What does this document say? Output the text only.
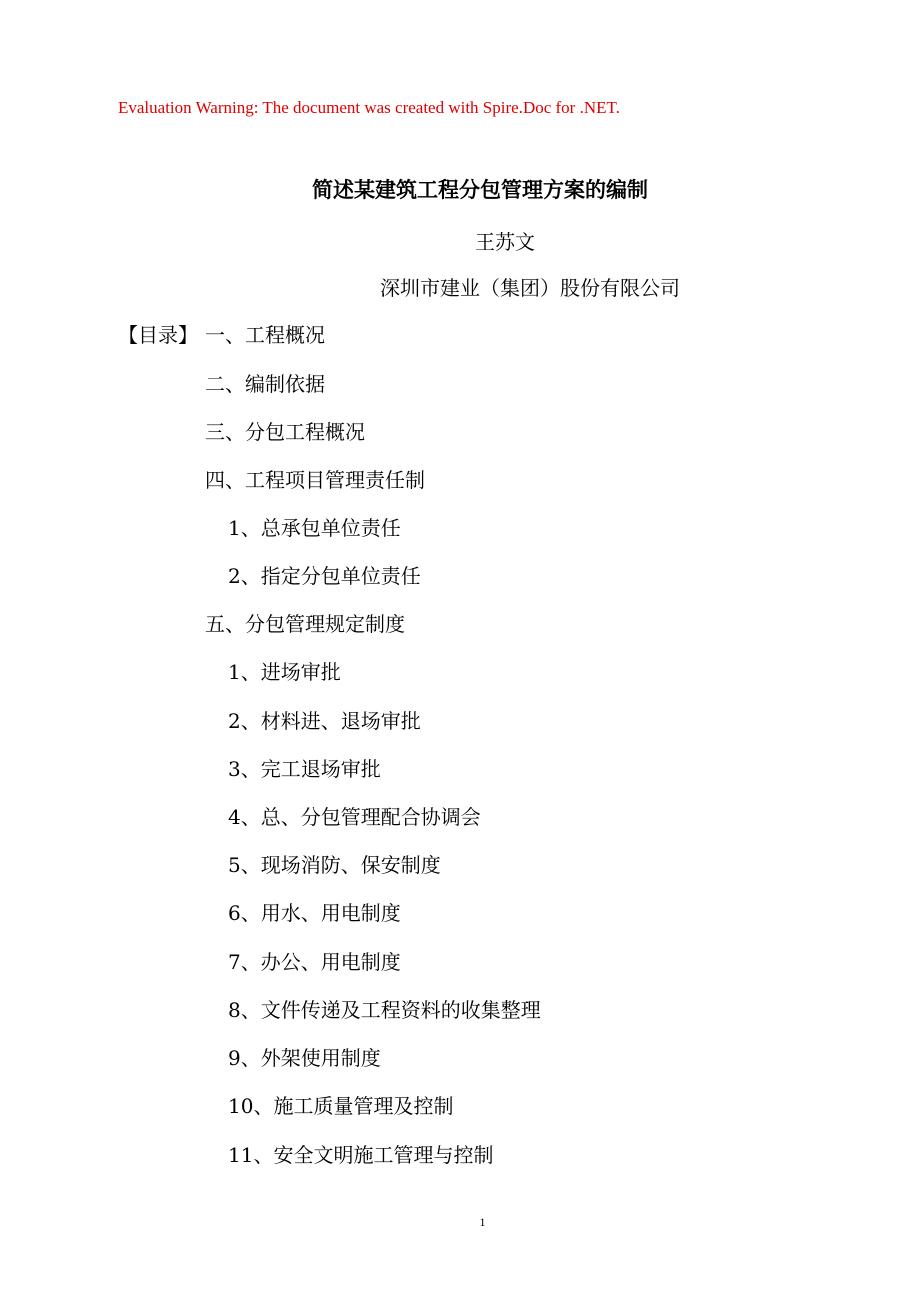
Evaluation Warning: The document was created with Spire.Doc for .NET.
简述某建筑工程分包管理方案的编制
王苏文
深圳市建业（集团）股份有限公司
【目录】 一、工程概况
二、编制依据
三、分包工程概况
四、工程项目管理责任制
1、总承包单位责任
2、指定分包单位责任
五、分包管理规定制度
1、进场审批
2、材料进、退场审批
3、完工退场审批
4、总、分包管理配合协调会
5、现场消防、保安制度
6、用水、用电制度
7、办公、用电制度
8、文件传递及工程资料的收集整理
9、外架使用制度
10、施工质量管理及控制
11、安全文明施工管理与控制
1
